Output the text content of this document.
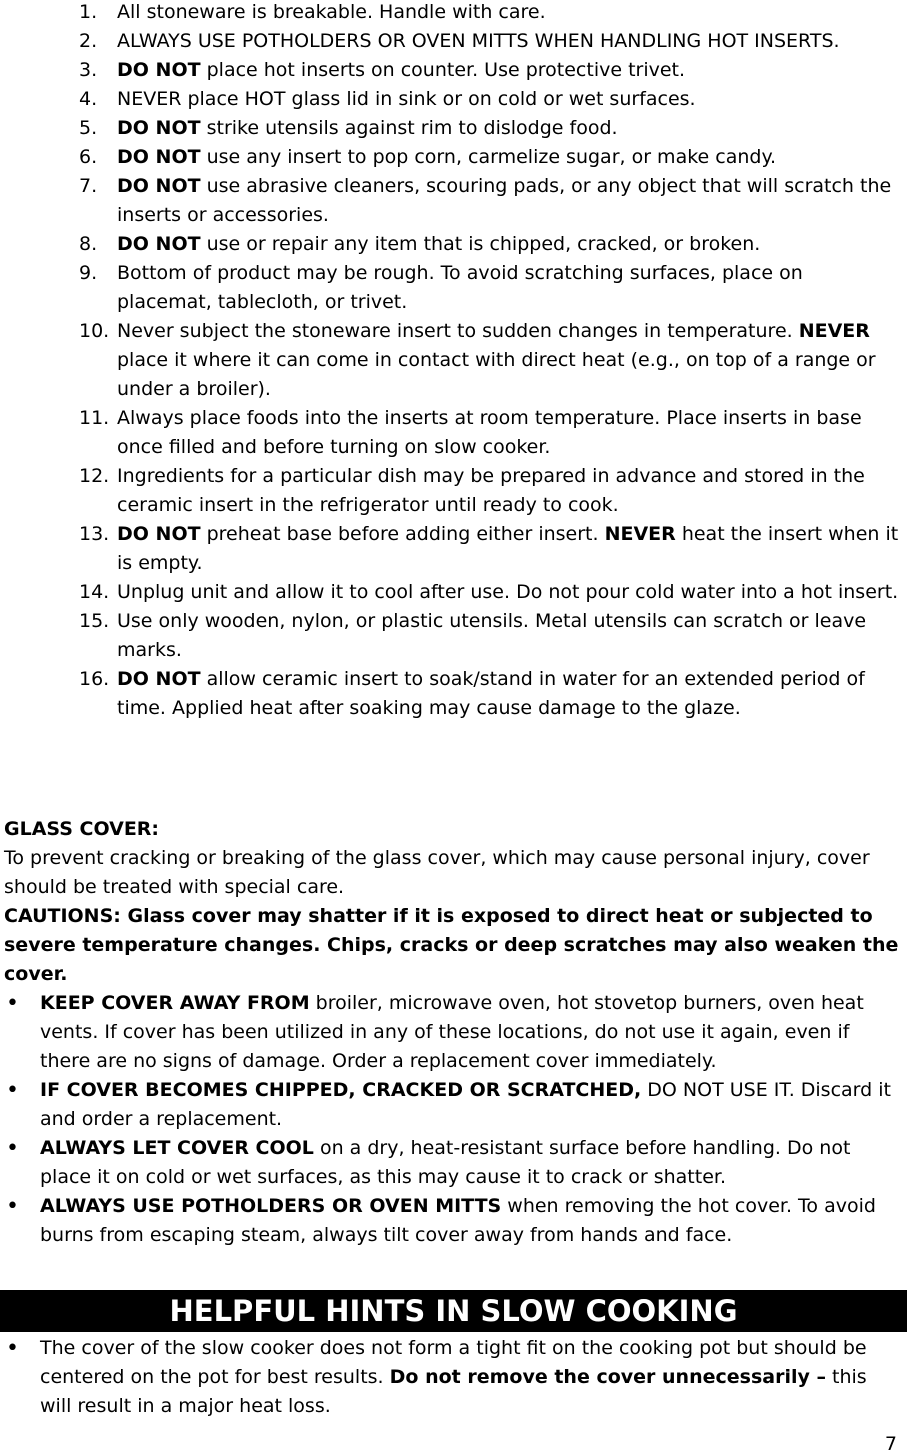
1. All stoneware is breakable. Handle with care.
2. ALWAYS USE POTHOLDERS OR OVEN MITTS WHEN HANDLING HOT INSERTS.
3. DO NOT place hot inserts on counter. Use protective trivet.
4. NEVER place HOT glass lid in sink or on cold or wet surfaces.
5. DO NOT strike utensils against rim to dislodge food.
6. DO NOT use any insert to pop corn, carmelize sugar, or make candy.
7. DO NOT use abrasive cleaners, scouring pads, or any object that will scratch the inserts or accessories.
8. DO NOT use or repair any item that is chipped, cracked, or broken.
9. Bottom of product may be rough. To avoid scratching surfaces, place on placemat, tablecloth, or trivet.
10. Never subject the stoneware insert to sudden changes in temperature. NEVER place it where it can come in contact with direct heat (e.g., on top of a range or under a broiler).
11. Always place foods into the inserts at room temperature. Place inserts in base once filled and before turning on slow cooker.
12. Ingredients for a particular dish may be prepared in advance and stored in the ceramic insert in the refrigerator until ready to cook.
13. DO NOT preheat base before adding either insert. NEVER heat the insert when it is empty.
14. Unplug unit and allow it to cool after use. Do not pour cold water into a hot insert.
15. Use only wooden, nylon, or plastic utensils. Metal utensils can scratch or leave marks.
16. DO NOT allow ceramic insert to soak/stand in water for an extended period of time. Applied heat after soaking may cause damage to the glaze.
GLASS COVER:
To prevent cracking or breaking of the glass cover, which may cause personal injury, cover should be treated with special care.
CAUTIONS: Glass cover may shatter if it is exposed to direct heat or subjected to severe temperature changes. Chips, cracks or deep scratches may also weaken the cover.
• KEEP COVER AWAY FROM broiler, microwave oven, hot stovetop burners, oven heat vents. If cover has been utilized in any of these locations, do not use it again, even if there are no signs of damage. Order a replacement cover immediately.
• IF COVER BECOMES CHIPPED, CRACKED OR SCRATCHED, DO NOT USE IT. Discard it and order a replacement.
• ALWAYS LET COVER COOL on a dry, heat-resistant surface before handling. Do not place it on cold or wet surfaces, as this may cause it to crack or shatter.
• ALWAYS USE POTHOLDERS OR OVEN MITTS when removing the hot cover. To avoid burns from escaping steam, always tilt cover away from hands and face.
HELPFUL HINTS IN SLOW COOKING
• The cover of the slow cooker does not form a tight fit on the cooking pot but should be centered on the pot for best results. Do not remove the cover unnecessarily – this will result in a major heat loss.
7
